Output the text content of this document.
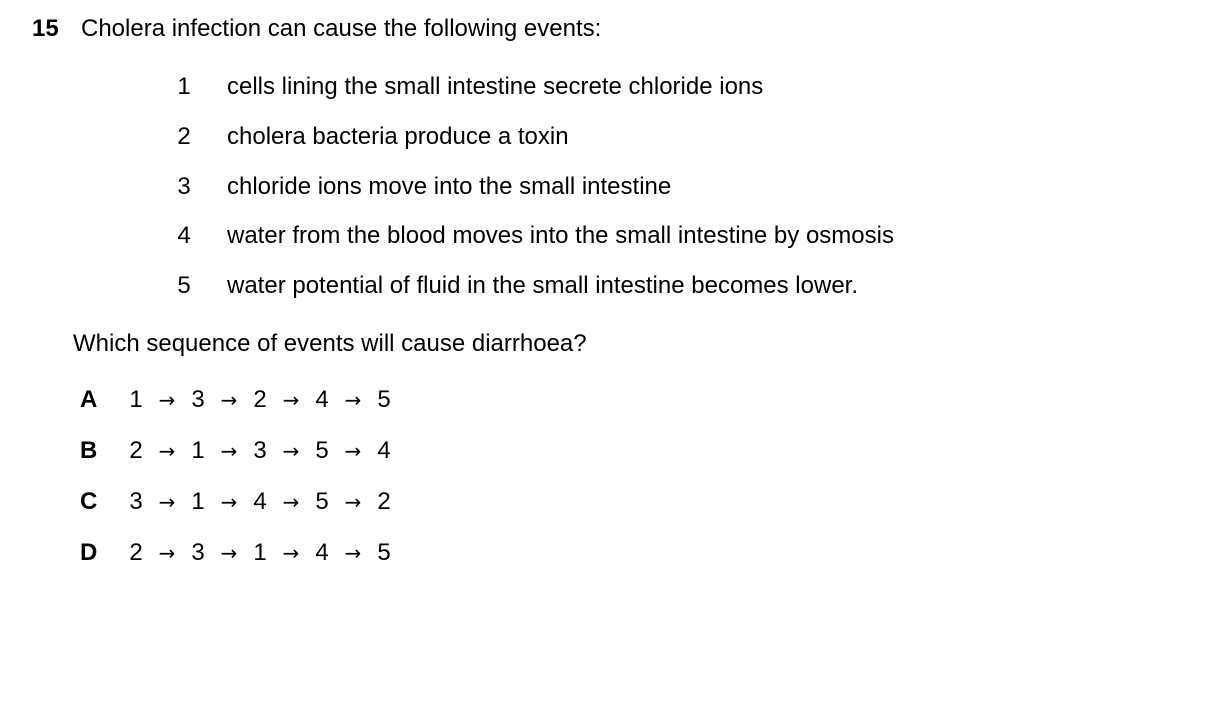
15 Cholera infection can cause the following events:
1 cells lining the small intestine secrete chloride ions
2 cholera bacteria produce a toxin
3 chloride ions move into the small intestine
4 water from the blood moves into the small intestine by osmosis
5 water potential of fluid in the small intestine becomes lower.
Which sequence of events will cause diarrhoea?
A 1 → 3 → 2 → 4 → 5
B 2 → 1 → 3 → 5 → 4
C 3 → 1 → 4 → 5 → 2
D 2 → 3 → 1 → 4 → 5
